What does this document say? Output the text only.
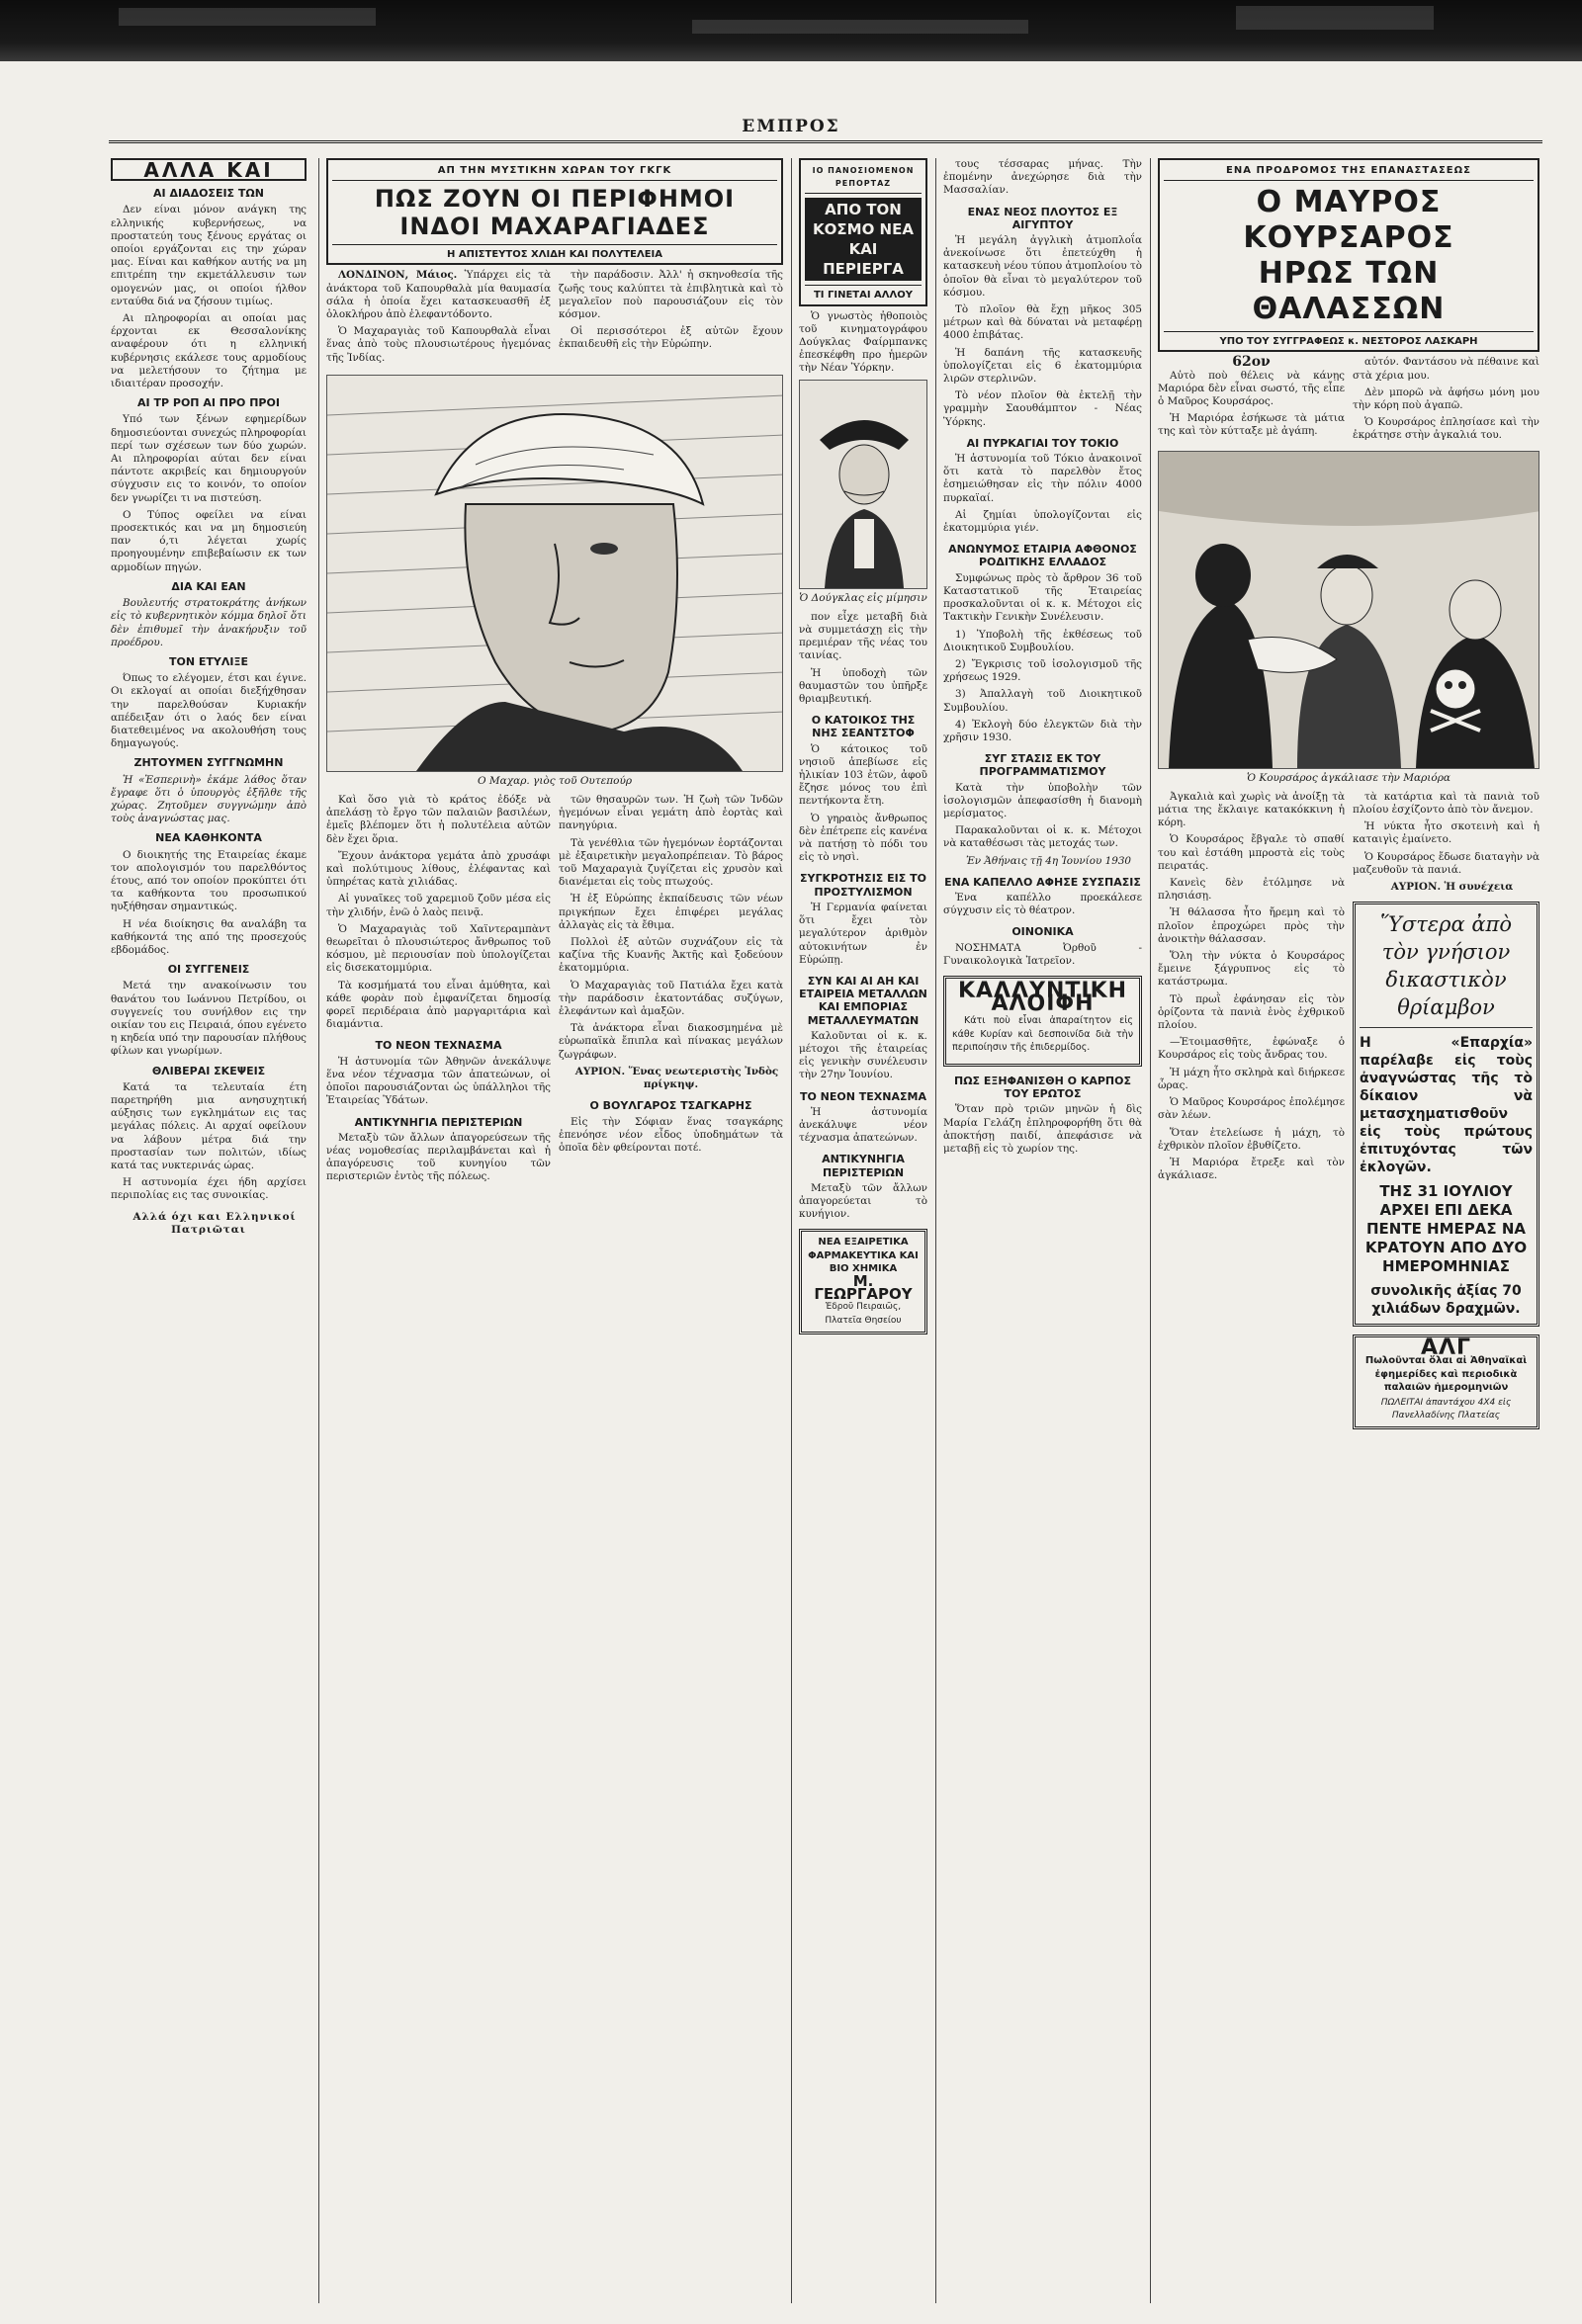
ΕΜΠΡΟΣ
ΑΛΛΑ ΚΑΙ
ΑΙ ΔΙΑΔΟΣΕΙΣ ΤΩΝ

Δεν είναι μόνον ανάγκη της ελληνικής κυβερνήσεως, να προστατεύη τους ξένους εργάτας οι οποίοι εργάζονται εις την χώραν μας. Είναι και καθήκον αυτής να μη επιτρέπη την εκμετάλλευσιν των ομογενών μας, οι οποίοι ήλθον ενταύθα διά να ζήσουν τιμίως.

Αι πληροφορίαι αι οποίαι μας έρχονται εκ Θεσσαλονίκης αναφέρουν ότι η ελληνική κυβέρνησις εκάλεσε τους αρμοδίους να μελετήσουν το ζήτημα με ιδιαιτέραν προσοχήν.

ΑΙ ΤΡ ΡΟΠ ΑΙ ΠΡΟ ΠΡΟΙ

Υπό των ξένων εφημερίδων δημοσιεύονται συνεχώς πληροφορίαι περί των σχέσεων των δύο χωρών. Αι πληροφορίαι αύται δεν είναι πάντοτε ακριβείς και δημιουργούν σύγχυσιν εις το κοινόν, το οποίον δεν γνωρίζει τι να πιστεύση.

Ο Τύπος οφείλει να είναι προσεκτικός και να μη δημοσιεύη παν ό,τι λέγεται χωρίς προηγουμένην επιβεβαίωσιν εκ των αρμοδίων πηγών.

ΔΙΑ ΚΑΙ ΕΑΝ

Βουλευτής στρατοκράτης ἀνήκων εἰς τὸ κυβερνητικὸν κόμμα δηλοῖ ὅτι δὲν ἐπιθυμεῖ τὴν ἀνακήρυξιν τοῦ προέδρου.

ΤΟΝ ΕΤΥΛΙΞΕ

Όπως το ελέγομεν, έτσι και έγινε. Οι εκλογαί αι οποίαι διεξήχθησαν την παρελθούσαν Κυριακήν απέδειξαν ότι ο λαός δεν είναι διατεθειμένος να ακολουθήση τους δημαγωγούς.

ΖΗΤΟΥΜΕΝ ΣΥΓΓΝΩΜΗΝ

Ἡ «Ἑσπερινὴ» ἐκάμε λάθος ὅταν ἔγραφε ὅτι ὁ ὑπουργὸς ἐξῆλθε τῆς χώρας. Ζητοῦμεν συγγνώμην ἀπὸ τοὺς ἀναγνώστας μας.

ΝΕΑ ΚΑΘΗΚΟΝΤΑ

Ο διοικητής της Εταιρείας έκαμε τον απολογισμόν του παρελθόντος έτους, από τον οποίον προκύπτει ότι τα καθήκοντα του προσωπικού ηυξήθησαν σημαντικώς.

Η νέα διοίκησις θα αναλάβη τα καθήκοντά της από της προσεχούς εβδομάδος.

ΟΙ ΣΥΓΓΕΝΕΙΣ

Μετά την ανακοίνωσιν του θανάτου του Ιωάννου Πετρίδου, οι συγγενείς του συνήλθον εις την οικίαν του εις Πειραιά, όπου εγένετο η κηδεία υπό την παρουσίαν πλήθους φίλων και γνωρίμων.

ΘΛΙΒΕΡΑΙ ΣΚΕΨΕΙΣ

Κατά τα τελευταία έτη παρετηρήθη μια ανησυχητική αύξησις των εγκλημάτων εις τας μεγάλας πόλεις. Αι αρχαί οφείλουν να λάβουν μέτρα διά την προστασίαν των πολιτών, ιδίως κατά τας νυκτερινάς ώρας.

Η αστυνομία έχει ήδη αρχίσει περιπολίας εις τας συνοικίας.

Αλλά όχι και Ελληνικοί Πατριῶται

ΑΠ ΤΗΝ ΜΥΣΤΙΚΗΝ ΧΩΡΑΝ ΤΟΥ ΓΚΓΚ
ΠΩΣ ΖΟΥΝ ΟΙ ΠΕΡΙΦΗΜΟΙ ΙΝΔΟΙ ΜΑΧΑΡΑΓΙΑΔΕΣ
Η ΑΠΙΣΤΕΥΤΟΣ ΧΛΙΔΗ ΚΑΙ ΠΟΛΥΤΕΛΕΙΑ

ΛΟΝΔΙΝΟΝ, Μάιος. Ὑπάρχει εἰς τὰ ἀνάκτορα τοῦ Καπουρθαλὰ μία θαυμασία σάλα ἡ ὁποία ἔχει κατασκευασθῆ ἐξ ὁλοκλήρου ἀπὸ ἐλεφαντόδοντο.

Ὁ Μαχαραγιὰς τοῦ Καπουρθαλὰ εἶναι ἕνας ἀπὸ τοὺς πλουσιωτέρους ἡγεμόνας τῆς Ἰνδίας.

τὴν παράδοσιν. Ἀλλ' ἡ σκηνοθεσία τῆς ζωῆς τους καλύπτει τὰ ἐπιβλητικὰ καὶ τὸ μεγαλεῖον ποὺ παρουσιάζουν εἰς τὸν κόσμον.

Οἱ περισσότεροι ἐξ αὐτῶν ἔχουν ἐκπαιδευθῆ εἰς τὴν Εὐρώπην.

Ο Μαχαρ. γιὸς τοῦ Ουτεπούρ

Καὶ ὅσο γιὰ τὸ κράτος ἐδόξε νὰ ἀπελάσῃ τὸ ἔργο τῶν παλαιῶν βασιλέων, ἐμεῖς βλέπομεν ὅτι ἡ πολυτέλεια αὐτῶν δὲν ἔχει ὅρια.

Ἔχουν ἀνάκτορα γεμάτα ἀπὸ χρυσάφι καὶ πολύτιμους λίθους, ἐλέφαντας καὶ ὑπηρέτας κατὰ χιλιάδας.

Αἱ γυναῖκες τοῦ χαρεμιοῦ ζοῦν μέσα εἰς τὴν χλιδήν, ἐνῶ ὁ λαὸς πεινᾷ.

Ὁ Μαχαραγιὰς τοῦ Χαϊντεραμπὰντ θεωρεῖται ὁ πλουσιώτερος ἄνθρωπος τοῦ κόσμου, μὲ περιουσίαν ποὺ ὑπολογίζεται εἰς δισεκατομμύρια.

Τὰ κοσμήματά του εἶναι ἀμύθητα, καὶ κάθε φορὰν ποὺ ἐμφανίζεται δημοσίᾳ φορεῖ περιδέραια ἀπὸ μαργαριτάρια καὶ διαμάντια.

ΤΟ ΝΕΟΝ ΤΕΧΝΑΣΜΑ

Ἡ ἀστυνομία τῶν Ἀθηνῶν ἀνεκάλυψε ἕνα νέον τέχνασμα τῶν ἀπατεώνων, οἱ ὁποῖοι παρουσιάζονται ὡς ὑπάλληλοι τῆς Ἑταιρείας Ὑδάτων.

ΑΝΤΙΚΥΝΗΓΙΑ ΠΕΡΙΣΤΕΡΙΩΝ

Μεταξὺ τῶν ἄλλων ἀπαγορεύσεων τῆς νέας νομοθεσίας περιλαμβάνεται καὶ ἡ ἀπαγόρευσις τοῦ κυνηγίου τῶν περιστεριῶν ἐντὸς τῆς πόλεως.

τῶν θησαυρῶν των. Ἡ ζωὴ τῶν Ἰνδῶν ἡγεμόνων εἶναι γεμάτη ἀπὸ ἑορτὰς καὶ πανηγύρια.

Τὰ γενέθλια τῶν ἡγεμόνων ἑορτάζονται μὲ ἐξαιρετικὴν μεγαλοπρέπειαν. Τὸ βάρος τοῦ Μαχαραγιὰ ζυγίζεται εἰς χρυσὸν καὶ διανέμεται εἰς τοὺς πτωχούς.

Ἡ ἐξ Εὐρώπης ἐκπαίδευσις τῶν νέων πριγκήπων ἔχει ἐπιφέρει μεγάλας ἀλλαγὰς εἰς τὰ ἔθιμα.

Πολλοὶ ἐξ αὐτῶν συχνάζουν εἰς τὰ καζίνα τῆς Κυανῆς Ἀκτῆς καὶ ξοδεύουν ἑκατομμύρια.

Ὁ Μαχαραγιὰς τοῦ Πατιάλα ἔχει κατὰ τὴν παράδοσιν ἑκατοντάδας συζύγων, ἐλεφάντων καὶ ἁμαξῶν.

Τὰ ἀνάκτορα εἶναι διακοσμημένα μὲ εὐρωπαϊκὰ ἔπιπλα καὶ πίνακας μεγάλων ζωγράφων.

ΑΥΡΙΟΝ. Ἕνας νεωτεριστὴς Ἰνδὸς πρίγκηψ.

Ο ΒΟΥΛΓΑΡΟΣ ΤΣΑΓΚΑΡΗΣ

Εἰς τὴν Σόφιαν ἕνας τσαγκάρης ἐπενόησε νέον εἶδος ὑποδημάτων τὰ ὁποῖα δὲν φθείρονται ποτέ.

ΙΟ ΠΑΝΟΣΙΟΜΕΝΟΝ ΡΕΠΟΡΤΑΖ
ΑΠΟ ΤΟΝ ΚΟΣΜΟ ΝΕΑ ΚΑΙ ΠΕΡΙΕΡΓΑ
ΤΙ ΓΙΝΕΤΑΙ ΑΛΛΟΥ

Ὁ γνωστὸς ἠθοποιὸς τοῦ κινηματογράφου Δούγκλας Φαίρμπανκς ἐπεσκέφθη προ ἡμερῶν τὴν Νέαν Ὑόρκην.

Ὁ Δούγκλας εἰς μίμησιν

πον εἶχε μεταβῆ διὰ νὰ συμμετάσχῃ εἰς τὴν πρεμιέραν τῆς νέας του ταινίας.

Ἡ ὑποδοχὴ τῶν θαυμαστῶν του ὑπῆρξε θριαμβευτική.

Ο ΚΑΤΟΙΚΟΣ ΤΗΣ ΝΗΣ ΣΕΑΝΤΣΤΟΦ

Ὁ κάτοικος τοῦ νησιοῦ ἀπεβίωσε εἰς ἡλικίαν 103 ἐτῶν, ἀφοῦ ἔζησε μόνος του ἐπὶ πεντήκοντα ἔτη.

Ὁ γηραιὸς ἄνθρωπος δὲν ἐπέτρεπε εἰς κανένα νὰ πατήσῃ τὸ πόδι του εἰς τὸ νησὶ.

ΣΥΓΚΡΟΤΗΣΙΣ ΕΙΣ ΤΟ ΠΡΟΣΤΥΛΙΣΜΟΝ

Ἡ Γερμανία φαίνεται ὅτι ἔχει τὸν μεγαλύτερον ἀριθμὸν αὐτοκινήτων ἐν Εὐρώπῃ.

ΣΥΝ ΚΑΙ ΑΙ ΑΗ ΚΑΙ ΕΤΑΙΡΕΙΑ ΜΕΤΑΛΛΩΝ ΚΑΙ ΕΜΠΟΡΙΑΣ ΜΕΤΑΛΛΕΥΜΑΤΩΝ

Καλοῦνται οἱ κ. κ. μέτοχοι τῆς ἑταιρείας εἰς γενικὴν συνέλευσιν τὴν 27ην Ἰουνίου.

ΤΟ ΝΕΟΝ ΤΕΧΝΑΣΜΑ

Ἡ ἀστυνομία ἀνεκάλυψε νέον τέχνασμα ἀπατεώνων.

ΑΝΤΙΚΥΝΗΓΙΑ ΠΕΡΙΣΤΕΡΙΩΝ

Μεταξὺ τῶν ἄλλων ἀπαγορεύεται τὸ κυνήγιον.

ΝΕΑ ΕΞΑΙΡΕΤΙΚΑ ΦΑΡΜΑΚΕΥΤΙΚΑ ΚΑΙ ΒΙΟ ΧΗΜΙΚΑ
Μ. ΓΕΩΡΓΑΡΟΥ
Ἐδροῦ Πειραιῶς, Πλατεῖα Θησείου

τους τέσσαρας μήνας. Τὴν ἐπομένην ἀνεχώρησε διὰ τὴν Μασσαλίαν.

ΕΝΑΣ ΝΕΟΣ ΠΛΟΥΤΟΣ ΕΞ ΑΙΓΥΠΤΟΥ

Ἡ μεγάλη ἀγγλικὴ ἀτμοπλοΐα ἀνεκοίνωσε ὅτι ἐπετεύχθη ἡ κατασκευὴ νέου τύπου ἀτμοπλοίου τὸ ὁποῖον θὰ εἶναι τὸ μεγαλύτερον τοῦ κόσμου.

Τὸ πλοῖον θὰ ἔχῃ μῆκος 305 μέτρων καὶ θὰ δύναται νὰ μεταφέρῃ 4000 ἐπιβάτας.

Ἡ δαπάνη τῆς κατασκευῆς ὑπολογίζεται εἰς 6 ἑκατομμύρια λιρῶν στερλινῶν.

Τὸ νέον πλοῖον θὰ ἐκτελῇ τὴν γραμμὴν Σαουθάμπτον - Νέας Ὑόρκης.

ΑΙ ΠΥΡΚΑΓΙΑΙ ΤΟΥ ΤΟΚΙΟ

Ἡ ἀστυνομία τοῦ Τόκιο ἀνακοινοῖ ὅτι κατὰ τὸ παρελθὸν ἔτος ἐσημειώθησαν εἰς τὴν πόλιν 4000 πυρκαϊαί.

Αἱ ζημίαι ὑπολογίζονται εἰς ἑκατομμύρια γιέν.

ΑΝΩΝΥΜΟΣ ΕΤΑΙΡΙΑ ΑΦΘΟΝΟΣ ΡΟΔΙΤΙΚΗΣ ΕΛΛΑΔΟΣ

Συμφώνως πρὸς τὸ ἄρθρον 36 τοῦ Καταστατικοῦ τῆς Ἑταιρείας προσκαλοῦνται οἱ κ. κ. Μέτοχοι εἰς Τακτικὴν Γενικὴν Συνέλευσιν.

1) Ὑποβολὴ τῆς ἐκθέσεως τοῦ Διοικητικοῦ Συμβουλίου.

2) Ἔγκρισις τοῦ ἰσολογισμοῦ τῆς χρήσεως 1929.

3) Ἀπαλλαγὴ τοῦ Διοικητικοῦ Συμβουλίου.

4) Ἐκλογὴ δύο ἐλεγκτῶν διὰ τὴν χρῆσιν 1930.

ΣΥΓ ΣΤΑΣΙΣ ΕΚ ΤΟΥ ΠΡΟΓΡΑΜΜΑΤΙΣΜΟΥ

Κατὰ τὴν ὑποβολὴν τῶν ἰσολογισμῶν ἀπεφασίσθη ἡ διανομὴ μερίσματος.

Παρακαλοῦνται οἱ κ. κ. Μέτοχοι νὰ καταθέσωσι τὰς μετοχάς των.

Ἐν Ἀθήναις τῇ 4η Ἰουνίου 1930

ΕΝΑ ΚΑΠΕΛΛΟ ΑΦΗΣΕ ΣΥΣΠΑΣΙΣ

Ἐνα καπέλλο προεκάλεσε σύγχυσιν εἰς τὸ θέατρον.

ΟΙΝΟΝΙΚΑ

ΝΟΣΗΜΑΤΑ Ὀρθοῦ - Γυναικολογικὰ Ἰατρεῖον.

ΚΑΛΛΥΝΤΙΚΗ ΑΛΟΙΦΗ

Κάτι ποὺ εἶναι ἀπαραίτητον εἰς κάθε Κυρίαν καὶ δεσποινίδα διὰ τὴν περιποίησιν τῆς ἐπιδερμίδος.

ΠΩΣ ΕΞΗΦΑΝΙΣΘΗ Ο ΚΑΡΠΟΣ ΤΟΥ ΕΡΩΤΟΣ

Ὅταν πρὸ τριῶν μηνῶν ἡ δὶς Μαρία Γελάζη ἐπληροφορήθη ὅτι θὰ ἀποκτήσῃ παιδί, ἀπεφάσισε νὰ μεταβῇ εἰς τὸ χωρίον της.

ΕΝΑ ΠΡΟΔΡΟΜΟΣ ΤΗΣ ΕΠΑΝΑΣΤΑΣΕΩΣ
Ο ΜΑΥΡΟΣ ΚΟΥΡΣΑΡΟΣ
ΗΡΩΣ ΤΩΝ ΘΑΛΑΣΣΩΝ
ΥΠΟ ΤΟΥ ΣΥΓΓΡΑΦΕΩΣ κ. ΝΕΣΤΟΡΟΣ ΛΑΣΚΑΡΗ
62ον

Αὐτὸ ποὺ θέλεις νὰ κάνῃς Μαριόρα δὲν εἶναι σωστό, τῆς εἶπε ὁ Μαῦρος Κουρσάρος.

Ἡ Μαριόρα ἐσήκωσε τὰ μάτια της καὶ τὸν κύτταξε μὲ ἀγάπη.

αὐτόν. Φαντάσου νὰ πέθαινε καὶ στὰ χέρια μου.

Δὲν μπορῶ νὰ ἀφήσω μόνη μου τὴν κόρη ποὺ ἀγαπῶ.

Ὁ Κουρσάρος ἐπλησίασε καὶ τὴν ἐκράτησε στὴν ἀγκαλιά του.

Ὁ Κουρσάρος ἀγκάλιασε τὴν Μαριόρα

Ἀγκαλιὰ καὶ χωρὶς νὰ ἀνοίξῃ τὰ μάτια της ἔκλαιγε κατακόκκινη ἡ κόρη.

Ὁ Κουρσάρος ἔβγαλε τὸ σπαθί του καὶ ἐστάθη μπροστὰ εἰς τοὺς πειρατάς.

Κανεὶς δὲν ἐτόλμησε νὰ πλησιάσῃ.

Ἡ θάλασσα ἦτο ἤρεμη καὶ τὸ πλοῖον ἐπροχώρει πρὸς τὴν ἀνοικτὴν θάλασσαν.

Ὅλη τὴν νύκτα ὁ Κουρσάρος ἔμεινε ξάγρυπνος εἰς τὸ κατάστρωμα.

Τὸ πρωῒ ἐφάνησαν εἰς τὸν ὁρίζοντα τὰ πανιὰ ἑνὸς ἐχθρικοῦ πλοίου.

—Ἑτοιμασθῆτε, ἐφώναξε ὁ Κουρσάρος εἰς τοὺς ἄνδρας του.

Ἡ μάχη ἦτο σκληρὰ καὶ διήρκεσε ὧρας.

Ὁ Μαῦρος Κουρσάρος ἐπολέμησε σὰν λέων.

Ὅταν ἐτελείωσε ἡ μάχη, τὸ ἐχθρικὸν πλοῖον ἐβυθίζετο.

Ἡ Μαριόρα ἔτρεξε καὶ τὸν ἀγκάλιασε.

τὰ κατάρτια καὶ τὰ πανιὰ τοῦ πλοίου ἐσχίζοντο ἀπὸ τὸν ἄνεμον.

Ἡ νύκτα ἦτο σκοτεινὴ καὶ ἡ καταιγὶς ἐμαίνετο.

Ὁ Κουρσάρος ἔδωσε διαταγὴν νὰ μαζευθοῦν τὰ πανιά.

ΑΥΡΙΟΝ. Ἡ συνέχεια

Ὕστερα ἀπὸ τὸν γνήσιον δικαστικὸν θρίαμβον
Η «Επαρχία» παρέλαβε εἰς τοὺς ἀναγνώστας τῆς τὸ δίκαιον νὰ μετασχηματισθοῦν εἰς τοὺς πρώτους ἐπιτυχόντας τῶν ἐκλογῶν.
ΤΗΣ 31 ΙΟΥΛΙΟΥ ΑΡΧΕΙ ΕΠΙ ΔΕΚΑ ΠΕΝΤΕ ΗΜΕΡΑΣ ΝΑ ΚΡΑΤΟΥΝ ΑΠΟ ΔΥΟ ΗΜΕΡΟΜΗΝΙΑΣ
συνολικῆς ἀξίας 70 χιλιάδων δραχμῶν.
ΑΛΓ
Πωλοῦνται ὅλαι αἱ Ἀθηναϊκαὶ ἐφημερίδες καὶ περιοδικὰ παλαιῶν ἡμερομηνιῶν
ΠΩΛΕΙΤΑΙ ἀπαντάχου 4Χ4 εἰς Πανελλαδίνης Πλατείας
